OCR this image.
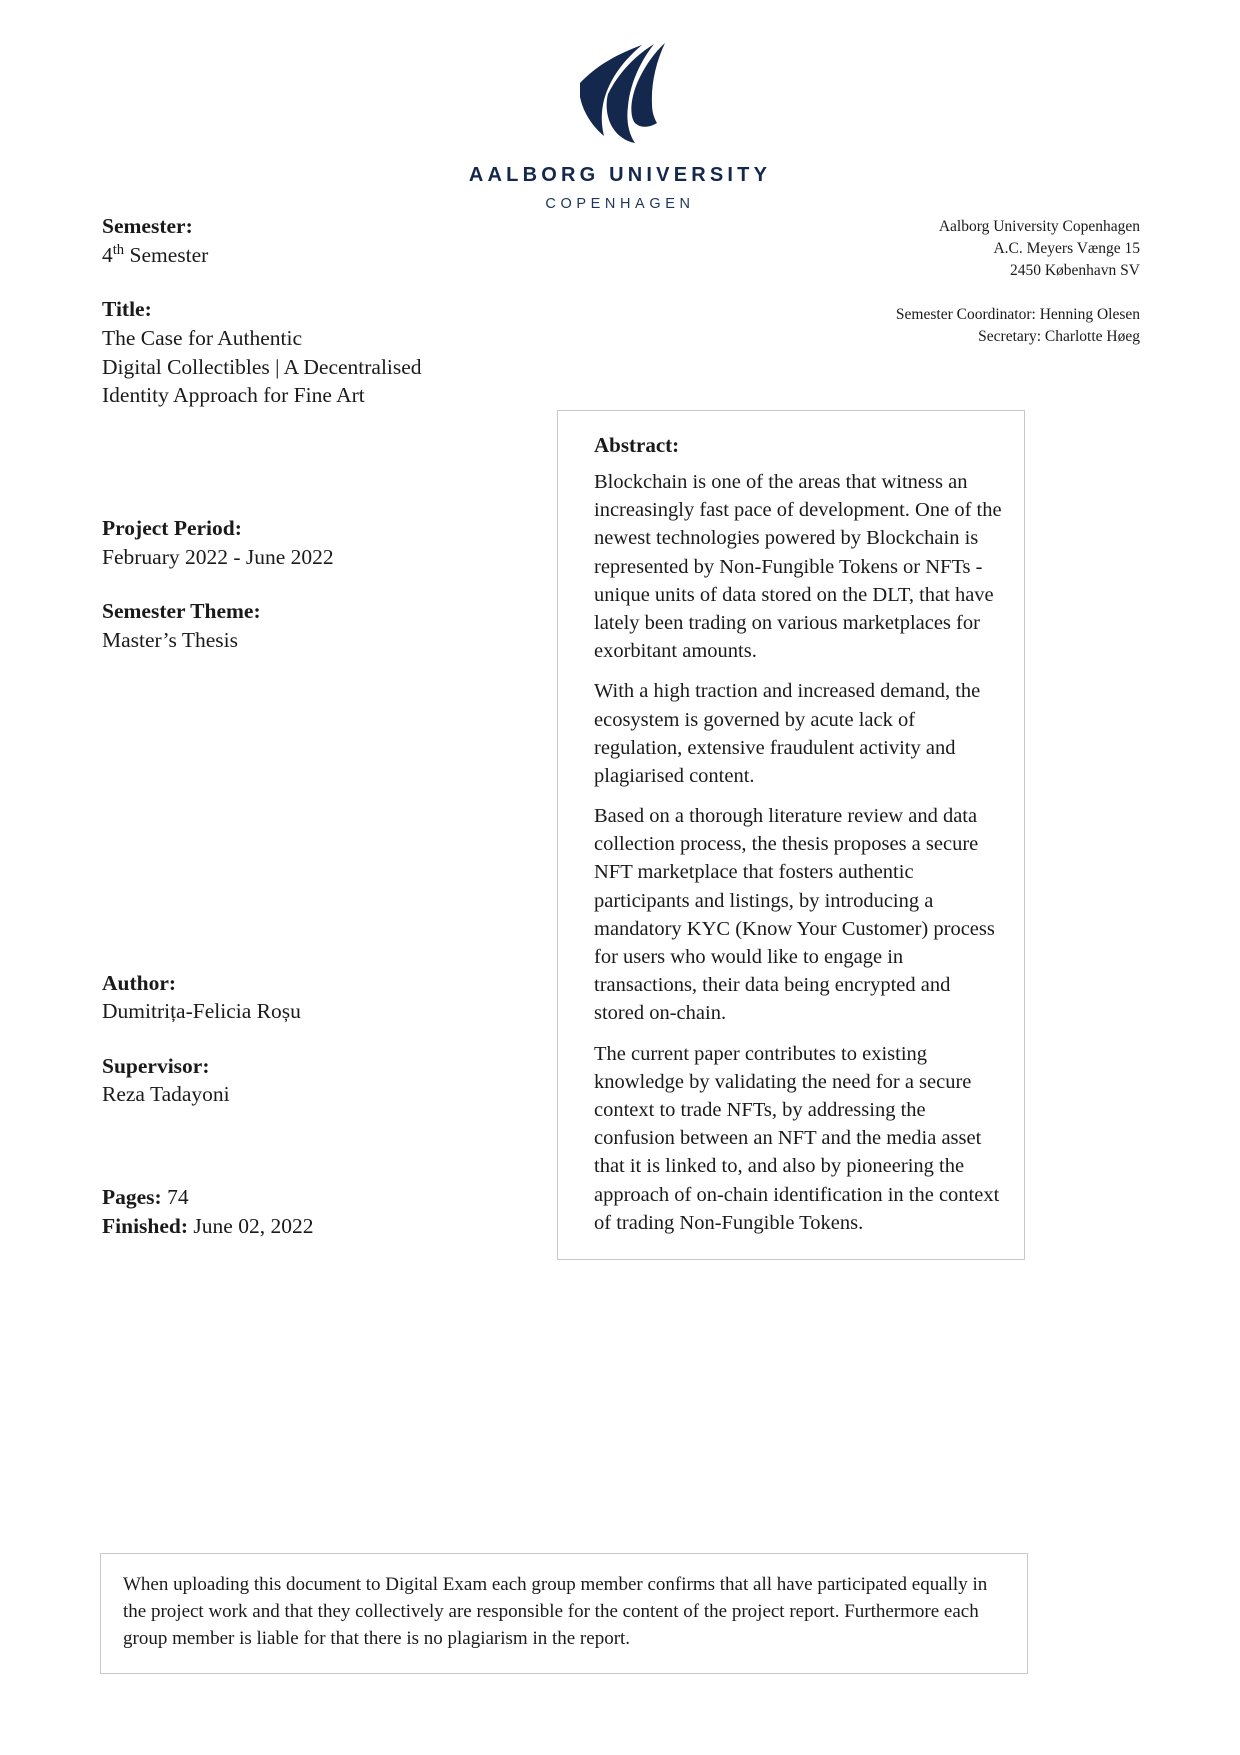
AALBORG UNIVERSITY
COPENHAGEN
Semester:
4th Semester
Title:
The Case for Authentic
Digital Collectibles | A Decentralised
Identity Approach for Fine Art
Project Period:
February 2022 - June 2022
Semester Theme:
Master’s Thesis
Author:
Dumitrița-Felicia Roșu
Supervisor:
Reza Tadayoni
Pages: 74
Finished: June 02, 2022
Aalborg University Copenhagen
A.C. Meyers Vænge 15
2450 København SV
Semester Coordinator: Henning Olesen
Secretary: Charlotte Høeg
Abstract:

Blockchain is one of the areas that witness an increasingly fast pace of development. One of the newest technologies powered by Blockchain is represented by Non-Fungible Tokens or NFTs - unique units of data stored on the DLT, that have lately been trading on various marketplaces for exorbitant amounts.

With a high traction and increased demand, the ecosystem is governed by acute lack of regulation, extensive fraudulent activity and plagiarised content.

Based on a thorough literature review and data collection process, the thesis proposes a secure NFT marketplace that fosters authentic participants and listings, by introducing a mandatory KYC (Know Your Customer) process for users who would like to engage in transactions, their data being encrypted and stored on-chain.

The current paper contributes to existing knowledge by validating the need for a secure context to trade NFTs, by addressing the confusion between an NFT and the media asset that it is linked to, and also by pioneering the approach of on-chain identification in the context of trading Non-Fungible Tokens.

When uploading this document to Digital Exam each group member confirms that all have participated equally in the project work and that they collectively are responsible for the content of the project report. Furthermore each group member is liable for that there is no plagiarism in the report.
